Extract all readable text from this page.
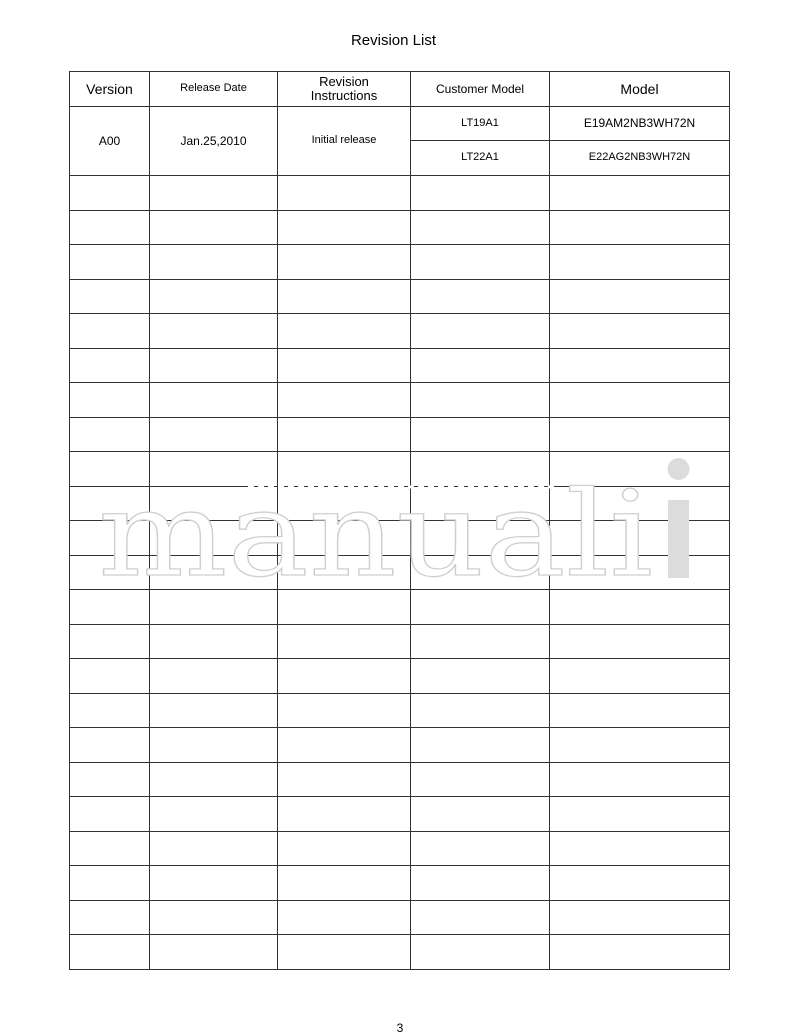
Revision List
Version	Release Date	Revision Instructions	Customer Model	Model
A00	Jan.25,2010	Initial release	LT19A1	E19AM2NB3WH72N
			LT22A1	E22AG2NB3WH72N

manuali
3
